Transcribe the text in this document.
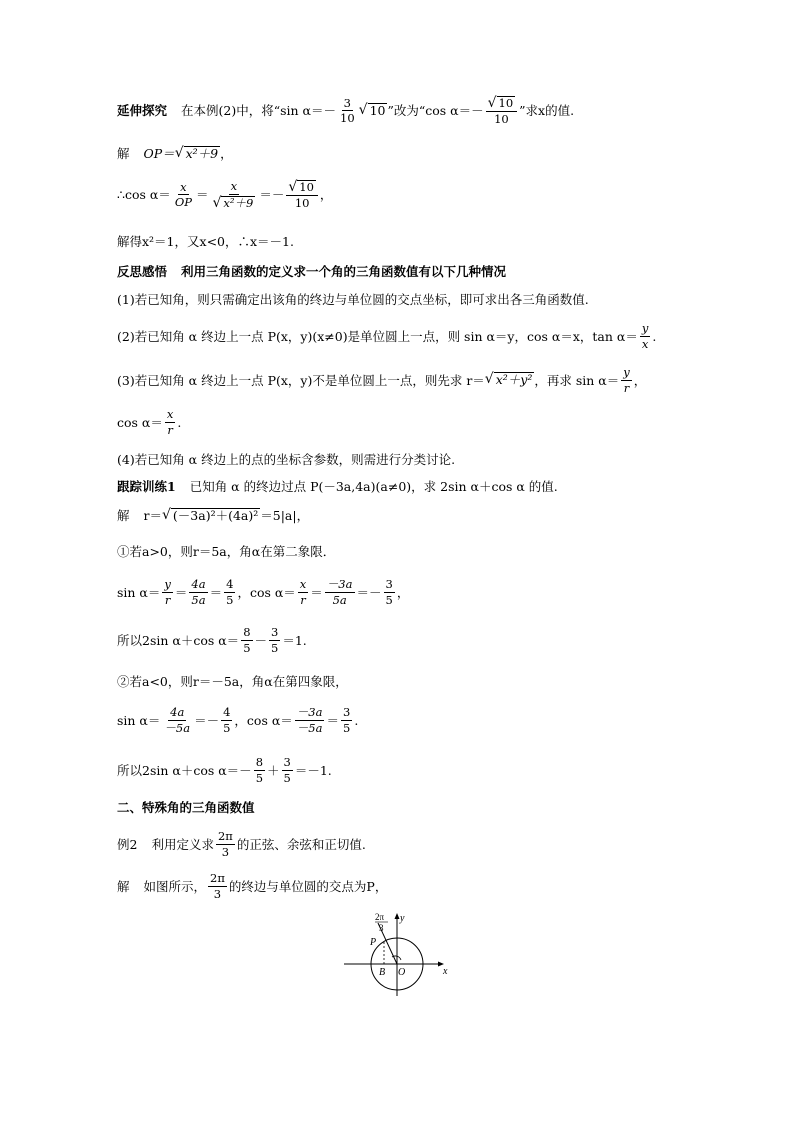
延伸探究 在本例(2)中，将“sin $\alpha=- \frac{3}{10}$ √ 10 ”改为“cos $\alpha=- \frac{√ 10}{10}$ ”求x的值.
解 OP＝ √ x²＋9 ，
∴cos $\alpha= \frac{x}{OP} = \frac{x}{\text{√ x²＋9}} =- \frac{√ 10}{10}$ ，
解得x²＝1，又x<0，∴x＝－1.
反思感悟 利用三角函数的定义求一个角的三角函数值有以下几种情况
(1)若已知角，则只需确定出该角的终边与单位圆的交点坐标，即可求出各三角函数值.
(2)若已知角 α 终边上一点 P(x，y)(x≠0)是单位圆上一点，则 sin α＝y，cos α＝x，$\tan \alpha= \frac{y}{x}$ .
(3)若已知角 α 终边上一点 P(x，y)不是单位圆上一点，则先求 r＝ √ x²＋y² ，再求 $\sin \alpha= \frac{y}{r}$ ，
$\cos \alpha= \frac{x}{r}$ .
(4)若已知角 α 终边上的点的坐标含参数，则需进行分类讨论.
跟踪训练1 已知角 α 的终边过点 P(－3a,4a)(a≠0)，求 2sin α＋cos α 的值.
解 r＝ √ (－3a)²＋(4a)² ＝5|a|，
①若a>0，则r＝5a，角α在第二象限．
$\sin \alpha= \frac{y}{r} = \frac{4a}{5a} = \frac{4}{5}$ ，$\cos \alpha= \frac{x}{r} = \frac{-3a}{5a} =- \frac{3}{5}$ ，
所以2sin α＋cos $\alpha= \frac{8}{5} - \frac{3}{5} =1$.
②若a<0，则r＝－5a，角α在第四象限，
$\sin \alpha= \frac{4a}{-5a} =- \frac{4}{5}$ ，$\cos \alpha= \frac{-3a}{-5a} = \frac{3}{5}$ .
所以2sin α＋cos $\alpha=- \frac{8}{5} + \frac{3}{5} =-1$.
二、特殊角的三角函数值
例2 利用定义求 $\frac{2\pi}{3}$ 的正弦、余弦和正切值.
解 如图所示， $\frac{2\pi}{3}$ 的终边与单位圆的交点为P，
x
y
O
P
B
2π
3
